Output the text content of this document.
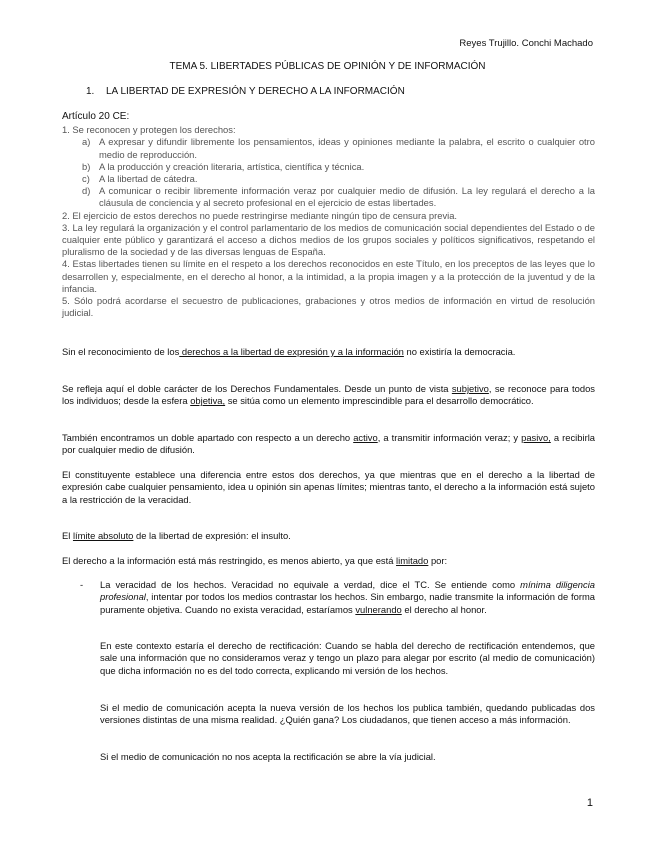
Reyes Trujillo. Conchi Machado
TEMA 5. LIBERTADES PÚBLICAS DE OPINIÓN Y DE INFORMACIÓN
1. LA LIBERTAD DE EXPRESIÓN Y DERECHO A LA INFORMACIÓN
Artículo 20 CE:
1. Se reconocen y protegen los derechos:
a) A expresar y difundir libremente los pensamientos, ideas y opiniones mediante la palabra, el escrito o cualquier otro medio de reproducción.
b) A la producción y creación literaria, artística, científica y técnica.
c) A la libertad de cátedra.
d) A comunicar o recibir libremente información veraz por cualquier medio de difusión. La ley regulará el derecho a la cláusula de conciencia y al secreto profesional en el ejercicio de estas libertades.
2. El ejercicio de estos derechos no puede restringirse mediante ningún tipo de censura previa.
3. La ley regulará la organización y el control parlamentario de los medios de comunicación social dependientes del Estado o de cualquier ente público y garantizará el acceso a dichos medios de los grupos sociales y políticos significativos, respetando el pluralismo de la sociedad y de las diversas lenguas de España.
4. Estas libertades tienen su límite en el respeto a los derechos reconocidos en este Título, en los preceptos de las leyes que lo desarrollen y, especialmente, en el derecho al honor, a la intimidad, a la propia imagen y a la protección de la juventud y de la infancia.
5. Sólo podrá acordarse el secuestro de publicaciones, grabaciones y otros medios de información en virtud de resolución judicial.
Sin el reconocimiento de los derechos a la libertad de expresión y a la información no existiría la democracia.
Se refleja aquí el doble carácter de los Derechos Fundamentales. Desde un punto de vista subjetivo, se reconoce para todos los individuos; desde la esfera objetiva, se sitúa como un elemento imprescindible para el desarrollo democrático.
También encontramos un doble apartado con respecto a un derecho activo, a transmitir información veraz; y pasivo, a recibirla por cualquier medio de difusión.
El constituyente establece una diferencia entre estos dos derechos, ya que mientras que en el derecho a la libertad de expresión cabe cualquier pensamiento, idea u opinión sin apenas límites; mientras tanto, el derecho a la información está sujeto a la restricción de la veracidad.
El límite absoluto de la libertad de expresión: el insulto.
El derecho a la información está más restringido, es menos abierto, ya que está limitado por:
-	La veracidad de los hechos. Veracidad no equivale a verdad, dice el TC. Se entiende como mínima diligencia profesional, intentar por todos los medios contrastar los hechos. Sin embargo, nadie transmite la información de forma puramente objetiva. Cuando no exista veracidad, estaríamos vulnerando el derecho al honor.
En este contexto estaría el derecho de rectificación: Cuando se habla del derecho de rectificación entendemos, que sale una información que no consideramos veraz y tengo un plazo para alegar por escrito (al medio de comunicación) que dicha información no es del todo correcta, explicando mi versión de los hechos.
Si el medio de comunicación acepta la nueva versión de los hechos los publica también, quedando publicadas dos versiones distintas de una misma realidad. ¿Quién gana? Los ciudadanos, que tienen acceso a más información.
Si el medio de comunicación no nos acepta la rectificación se abre la vía judicial.
1
